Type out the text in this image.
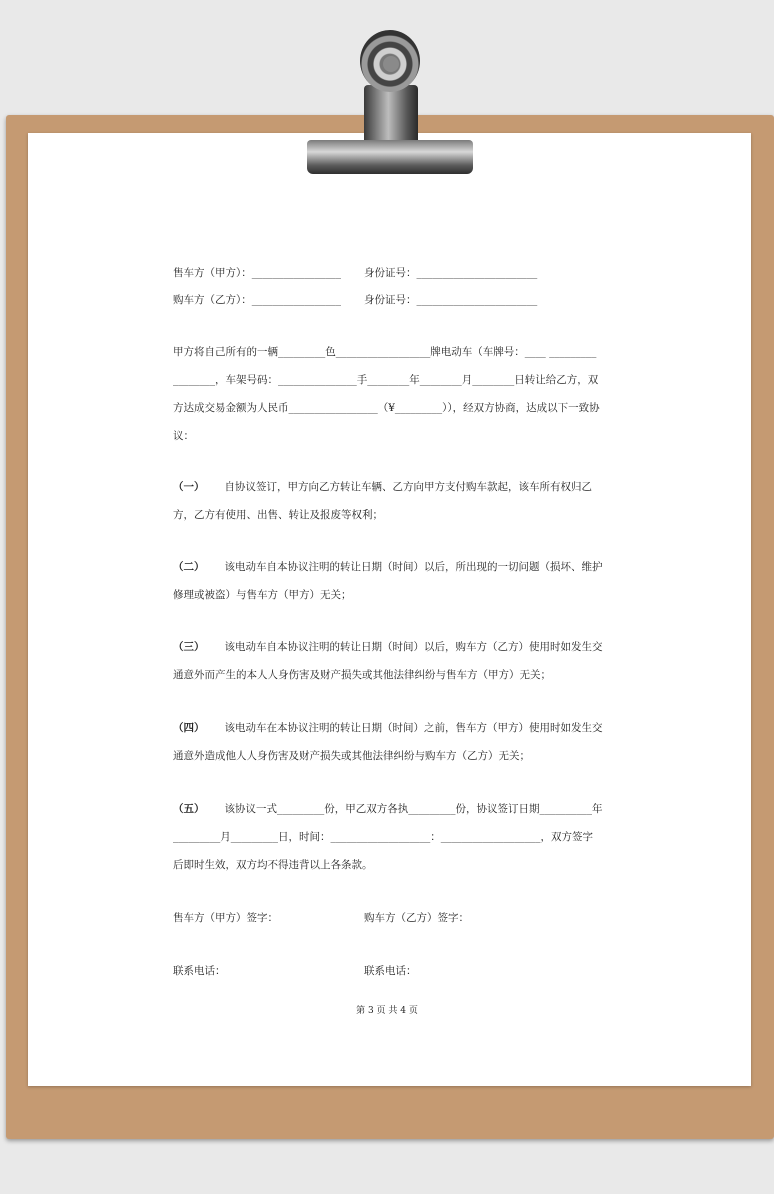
售车方（甲方）：_________________ 身份证号：_______________________
购车方（乙方）：_________________ 身份证号：_______________________
甲方将自己所有的一辆_________色__________________牌电动车（车牌号：____ _________ ________，车架号码：_______________手________年________月________日转让给乙方，双方达成交易金额为人民币_________________（¥_________）），经双方协商，达成以下一致协议：
（一） 自协议签订，甲方向乙方转让车辆、乙方向甲方支付购车款起，该车所有权归乙方，乙方有使用、出售、转让及报废等权利；
（二） 该电动车自本协议注明的转让日期（时间）以后，所出现的一切问题（损坏、维护修理或被盗）与售车方（甲方）无关；
（三） 该电动车自本协议注明的转让日期（时间）以后，购车方（乙方）使用时如发生交通意外而产生的本人人身伤害及财产损失或其他法律纠纷与售车方（甲方）无关；
（四） 该电动车在本协议注明的转让日期（时间）之前，售车方（甲方）使用时如发生交通意外造成他人人身伤害及财产损失或其他法律纠纷与购车方（乙方）无关；
（五） 该协议一式_________份，甲乙双方各执_________份，协议签订日期__________年_________月_________日，时间：___________________：___________________，双方签字后即时生效，双方均不得违背以上各条款。
售车方（甲方）签字：	购车方（乙方）签字：
联系电话：	联系电话：
第 3 页 共 4 页
